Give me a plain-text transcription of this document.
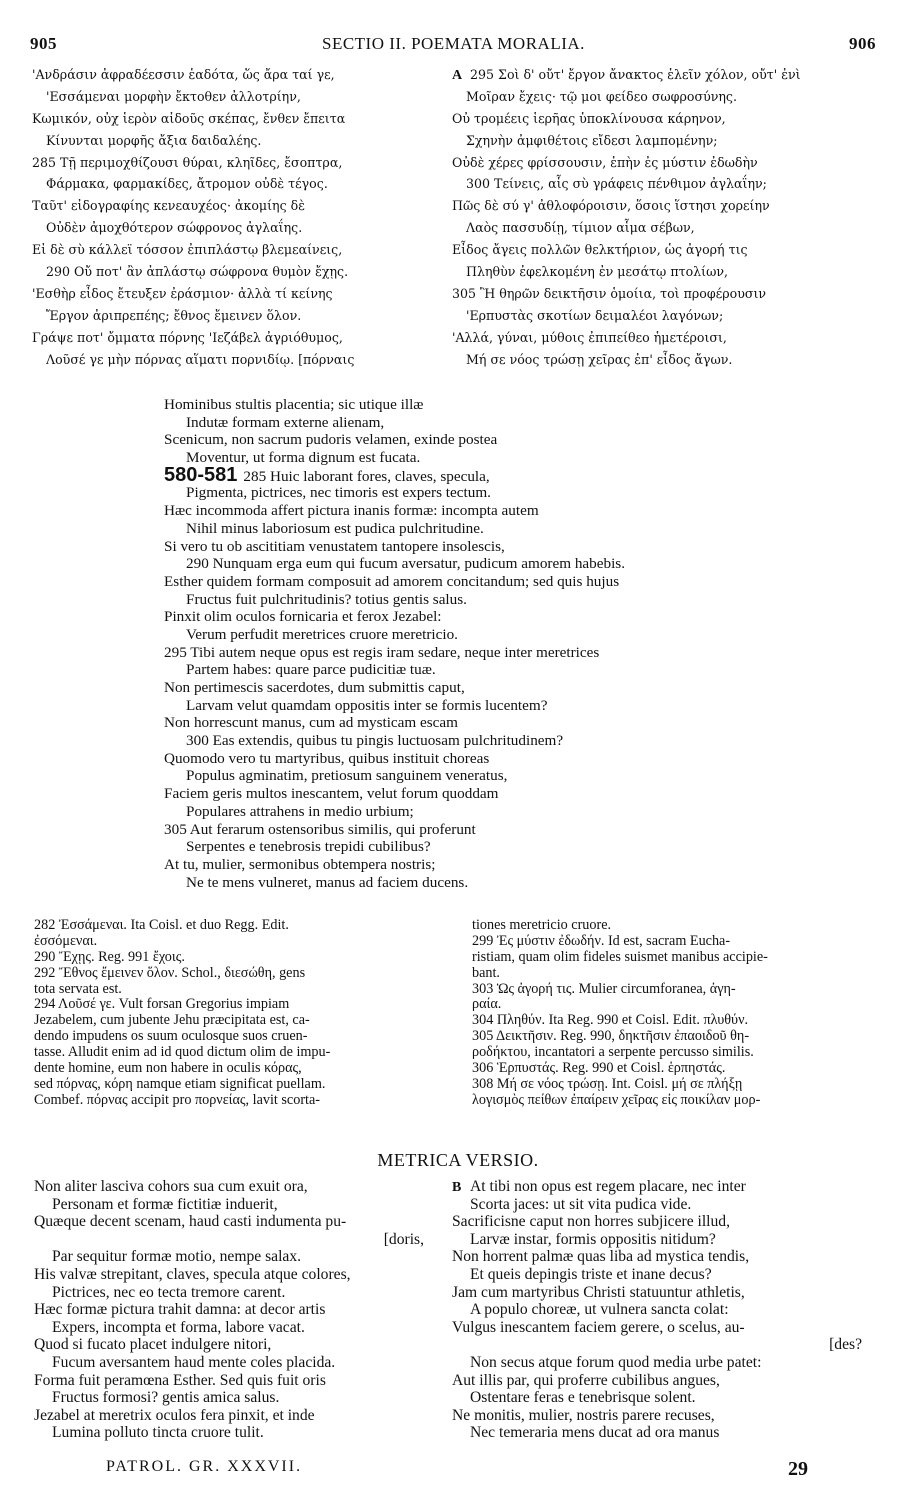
905	SECTIO II. POEMATA MORALIA.	906
'Ανδράσιν ἀφραδέεσσιν ἑαδότα, ὥς ἄρα ταί γε,
'Εσσάμεναι μορφὴν ἔκτοθεν ἀλλοτρίην,
Κωμικόν, οὐχ ἱερὸν αἰδοῦς σκέπας, ἔνθεν ἔπειτα
Κίνυνται μορφῆς ἄξια δαιδαλέης.
285 Τῇ περιμοχθίζουσι θύραι, κληῖδες, ἔσοπτρα,
Φάρμακα, φαρμακίδες, ἄτρομον οὐδὲ τέγος.
Ταῦτ' εἰδογραφίης κενεαυχέος· ἀκομίης δὲ
Οὐδὲν ἀμοχθότερον σώφρονος ἀγλαΐης.
Εἰ δὲ σὺ κάλλεϊ τόσσον ἐπιπλάστῳ βλεμεαίνεις,
290 Οὔ ποτ' ἂν ἀπλάστῳ σώφρονα θυμὸν ἔχῃς.
'Εσθὴρ εἶδος ἔτευξεν ἐράσμιον· ἀλλὰ τί κείνης
Ἔργον ἀριπρεπέης; ἔθνος ἔμεινεν ὅλον.
Γράψε ποτ' ὄμματα πόρνης 'Ιεζάβελ ἀγριόθυμος,
Λοῦσέ γε μὴν πόρνας αἵματι πορνιδίῳ. [πόρναις
A 295 Σοὶ δ' οὔτ' ἔργον ἄνακτος ἑλεῖν χόλον, οὔτ' ἐνὶ
Μοῖραν ἔχεις· τῷ μοι φείδεο σωφροσύνης.
Οὐ τρομέεις ἱερῆας ὑποκλίνουσα κάρηνον,
Σχηνὴν ἀμφιθέτοις εἴδεσι λαμπομένην;
Οὐδὲ χέρες φρίσσουσιν, ἐπὴν ἐς μύστιν ἐδωδὴν
300 Τείνεις, αἷς σὺ γράφεις πένθιμον ἀγλαΐην;
Πῶς δὲ σύ γ' ἀθλοφόροισιν, ὅσοις ἵστησι χορείην
Λαὸς πασσυδίῃ, τίμιον αἷμα σέβων,
Εἶδος ἄγεις πολλῶν θελκτήριον, ὡς ἀγορή τις
Πληθὺν ἐφελκομένη ἐν μεσάτῳ πτολίων,
305 Ἢ θηρῶν δεικτῆσιν ὁμοίια, τοὶ προφέρουσιν
'Ερπυστὰς σκοτίων δειμαλέοι λαγόνων;
'Αλλά, γύναι, μύθοις ἐπιπείθεο ἡμετέροισι,
Μή σε νόος τρώσῃ χεῖρας ἐπ' εἶδος ἄγων.
Hominibus stultis placentia; sic utique illæ
Indutæ formam externe alienam,
Scenicum, non sacrum pudoris velamen, exinde postea
Moventur, ut forma dignum est fucata.
580-581 285 Huic laborant fores, claves, specula,
Pigmenta, pictrices, nec timoris est expers tectum.
Hæc incommoda affert pictura inanis formæ: incompta autem
Nihil minus laboriosum est pudica pulchritudine.
Si vero tu ob ascititiam venustatem tantopere insolescis,
290 Nunquam erga eum qui fucum aversatur, pudicum amorem habebis.
Esther quidem formam composuit ad amorem concitandum; sed quis hujus
Fructus fuit pulchritudinis? totius gentis salus.
Pinxit olim oculos fornicaria et ferox Jezabel:
Verum perfudit meretrices cruore meretricio.
295 Tibi autem neque opus est regis iram sedare, neque inter meretrices
Partem habes: quare parce pudicitiæ tuæ.
Non pertimescis sacerdotes, dum submittis caput,
Larvam velut quamdam oppositis inter se formis lucentem?
Non horrescunt manus, cum ad mysticam escam
300 Eas extendis, quibus tu pingis luctuosam pulchritudinem?
Quomodo vero tu martyribus, quibus instituit choreas
Populus agminatim, pretiosum sanguinem veneratus,
Faciem geris multos inescantem, velut forum quoddam
Populares attrahens in medio urbium;
305 Aut ferarum ostensoribus similis, qui proferunt
Serpentes e tenebrosis trepidi cubilibus?
At tu, mulier, sermonibus obtempera nostris;
Ne te mens vulneret, manus ad faciem ducens.
282 Ἐσσάμεναι. Ita Coisl. et duo Regg. Edit.
ἐσσόμεναι.
290 Ἔχῃς. Reg. 991 ἔχοις.
292 Ἔθνος ἔμεινεν ὅλον. Schol., διεσώθη, gens
tota servata est.
294 Λοῦσέ γε. Vult forsan Gregorius impiam
Jezabelem, cum jubente Jehu præcipitata est, ca-
dendo impudens os suum oculosque suos cruen-
tasse. Alludit enim ad id quod dictum olim de impu-
dente homine, eum non habere in oculis κόρας,
sed πόρνας, κόρη namque etiam significat puellam.
Combef. πόρνας accipit pro πορνείας, lavit scorta-
tiones meretricio cruore.
299 Ἐς μύστιν ἐδωδήν. Id est, sacram Eucha-
ristiam, quam olim fideles suismet manibus accipie-
bant.
303 Ὡς ἀγορή τις. Mulier circumforanea, ἀγη-
ραία.
304 Πληθύν. Ita Reg. 990 et Coisl. Edit. πλυθύν.
305 Δεικτῆσιν. Reg. 990, δηκτῆσιν ἐπαοιδοῦ θη-
ροδήκτου, incantatori a serpente percusso similis.
306 Ἑρπυστάς. Reg. 990 et Coisl. ἑρπηστάς.
308 Μή σε νόος τρώσῃ. Int. Coisl. μή σε πλήξῃ
λογισμὸς πείθων ἐπαίρειν χεῖρας εἰς ποικίλαν μορ-
METRICA VERSIO.
Non aliter lasciva cohors sua cum exuit ora,
Personam et formæ fictitiæ induerit,
Quæque decent scenam, haud casti indumenta pu-
[doris,
Par sequitur formæ motio, nempe salax.
His valvæ strepitant, claves, specula atque colores,
Pictrices, nec eo tecta tremore carent.
Hæc formæ pictura trahit damna: at decor artis
Expers, incompta et forma, labore vacat.
Quod si fucato placet indulgere nitori,
Fucum aversantem haud mente coles placida.
Forma fuit peramœna Esther. Sed quis fuit oris
Fructus formosi? gentis amica salus.
Jezabel at meretrix oculos fera pinxit, et inde
Lumina polluto tincta cruore tulit.
B At tibi non opus est regem placare, nec inter
Scorta jaces: ut sit vita pudica vide.
Sacrificisne caput non horres subjicere illud,
Larvæ instar, formis oppositis nitidum?
Non horrent palmæ quas liba ad mystica tendis,
Et queis depingis triste et inane decus?
Jam cum martyribus Christi statuuntur athletis,
A populo choreæ, ut vulnera sancta colat:
Vulgus inescantem faciem gerere, o scelus, au-
[des?
Non secus atque forum quod media urbe patet:
Aut illis par, qui proferre cubilibus angues,
Ostentare feras e tenebrisque solent.
Ne monitis, mulier, nostris parere recuses,
Nec temeraria mens ducat ad ora manus
PATROL. GR. XXXVII.	29
